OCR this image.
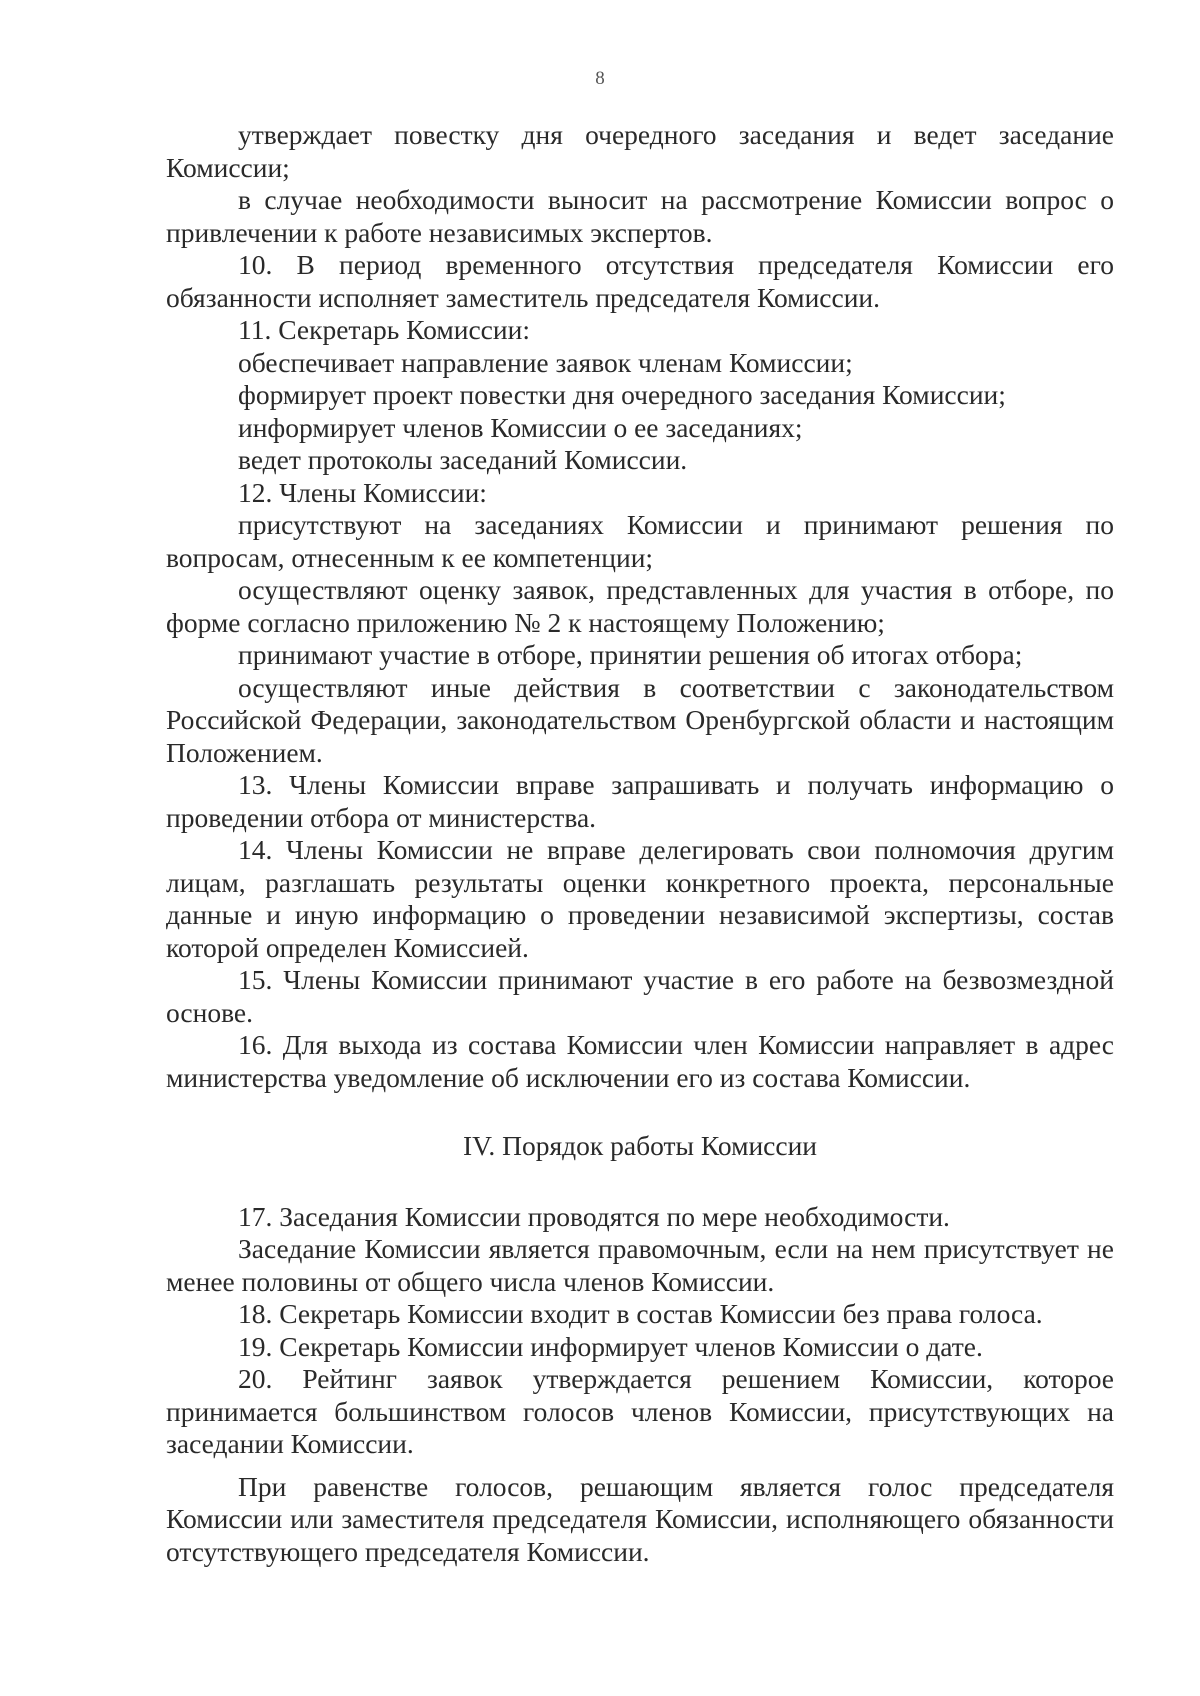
8

утверждает повестку дня очередного заседания и ведет заседание Комиссии;

в случае необходимости выносит на рассмотрение Комиссии вопрос о привлечении к работе независимых экспертов.

10. В период временного отсутствия председателя Комиссии его обязанности исполняет заместитель председателя Комиссии.

11. Секретарь Комиссии:

обеспечивает направление заявок членам Комиссии;

формирует проект повестки дня очередного заседания Комиссии;

информирует членов Комиссии о ее заседаниях;

ведет протоколы заседаний Комиссии.

12. Члены Комиссии:

присутствуют на заседаниях Комиссии и принимают решения по вопросам, отнесенным к ее компетенции;

осуществляют оценку заявок, представленных для участия в отборе, по форме согласно приложению № 2 к настоящему Положению;

принимают участие в отборе, принятии решения об итогах отбора;

осуществляют иные действия в соответствии с законодательством Российской Федерации, законодательством Оренбургской области и настоящим Положением.

13. Члены Комиссии вправе запрашивать и получать информацию о проведении отбора от министерства.

14. Члены Комиссии не вправе делегировать свои полномочия другим лицам, разглашать результаты оценки конкретного проекта, персональные данные и иную информацию о проведении независимой экспертизы, состав которой определен Комиссией.

15. Члены Комиссии принимают участие в его работе на безвозмездной основе.

16. Для выхода из состава Комиссии член Комиссии направляет в адрес министерства уведомление об исключении его из состава Комиссии.

IV. Порядок работы Комиссии

17. Заседания Комиссии проводятся по мере необходимости.

Заседание Комиссии является правомочным, если на нем присутствует не менее половины от общего числа членов Комиссии.

18. Секретарь Комиссии входит в состав Комиссии без права голоса.

19. Секретарь Комиссии информирует членов Комиссии о дате.

20. Рейтинг заявок утверждается решением Комиссии, которое принимается большинством голосов членов Комиссии, присутствующих на заседании Комиссии.

При равенстве голосов, решающим является голос председателя Комиссии или заместителя председателя Комиссии, исполняющего обязанности отсутствующего председателя Комиссии.
